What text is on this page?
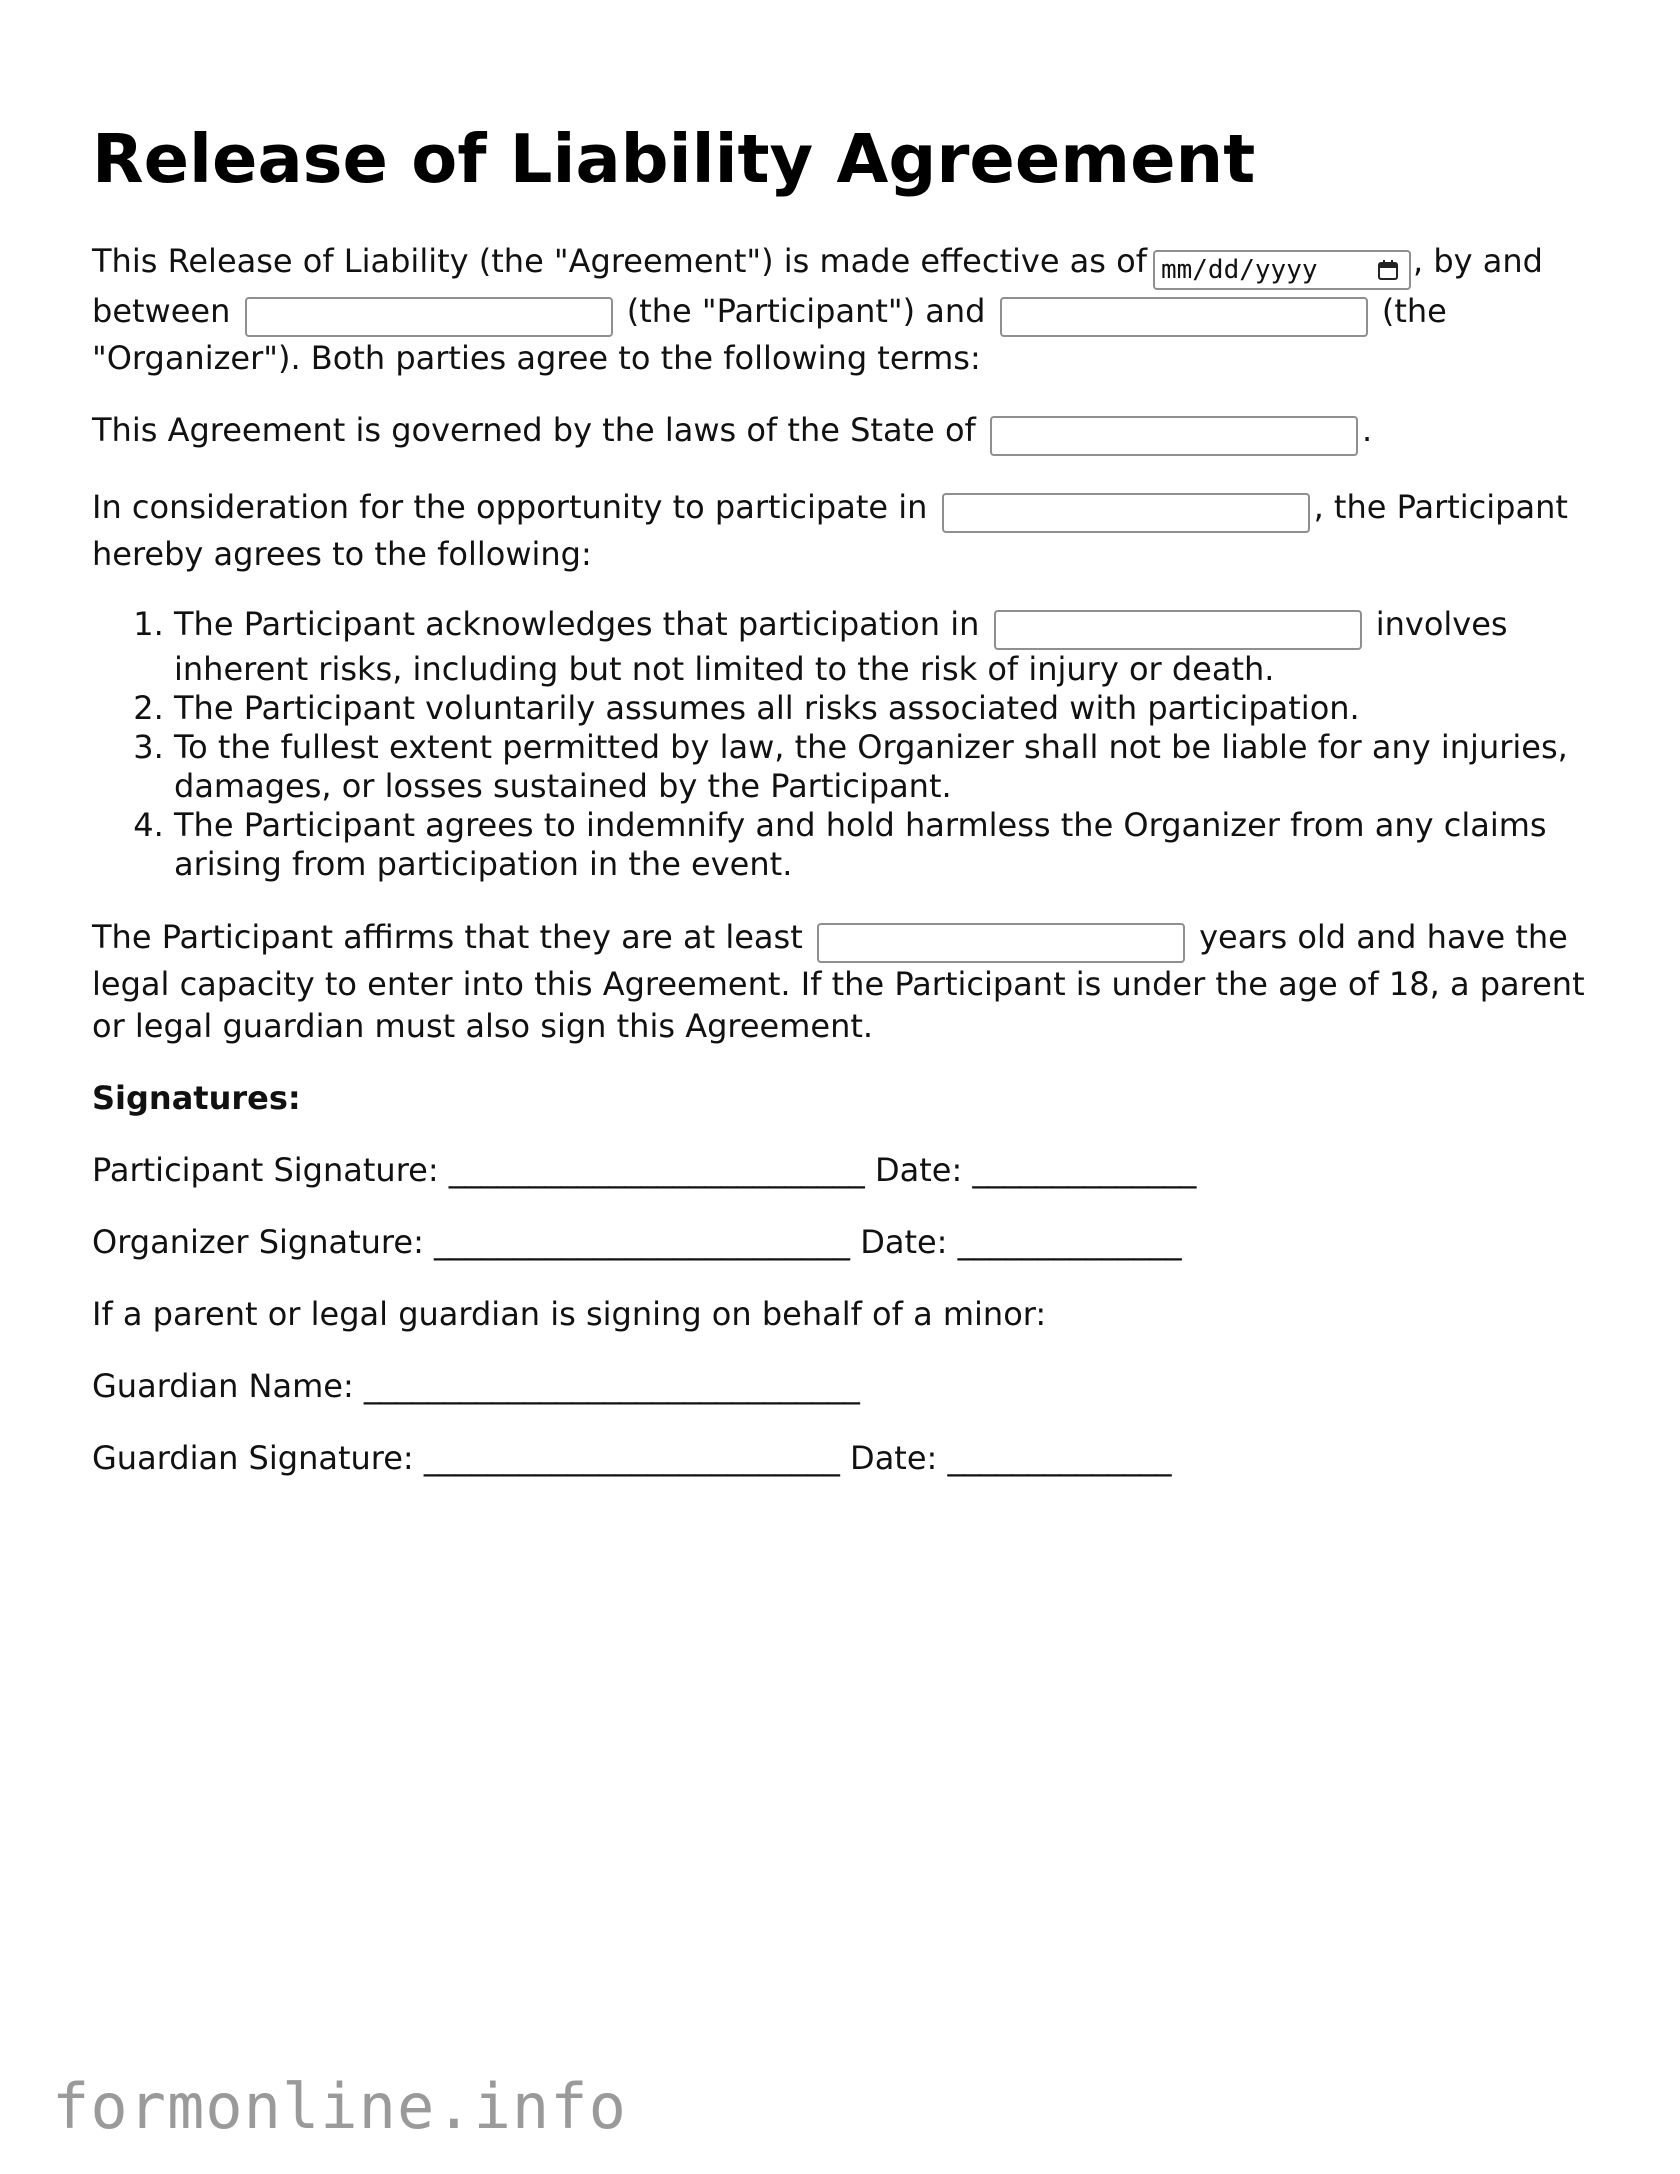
Release of Liability Agreement

This Release of Liability (the "Agreement") is made effective as of mm/dd/yyyy	, by and between	(the "Participant") and	(the "Organizer"). Both parties agree to the following terms:

This Agreement is governed by the laws of the State of	.

In consideration for the opportunity to participate in	, the Participant hereby agrees to the following:

1. The Participant acknowledges that participation in	involves inherent risks, including but not limited to the risk of injury or death.
2. The Participant voluntarily assumes all risks associated with participation.
3. To the fullest extent permitted by law, the Organizer shall not be liable for any injuries, damages, or losses sustained by the Participant.
4. The Participant agrees to indemnify and hold harmless the Organizer from any claims arising from participation in the event.

The Participant affirms that they are at least	years old and have the legal capacity to enter into this Agreement. If the Participant is under the age of 18, a parent or legal guardian must also sign this Agreement.

Signatures:

Participant Signature: __________________________ Date: ______________

Organizer Signature: __________________________ Date: ______________

If a parent or legal guardian is signing on behalf of a minor:

Guardian Name: _______________________________

Guardian Signature: __________________________ Date: ______________

formonline.info
